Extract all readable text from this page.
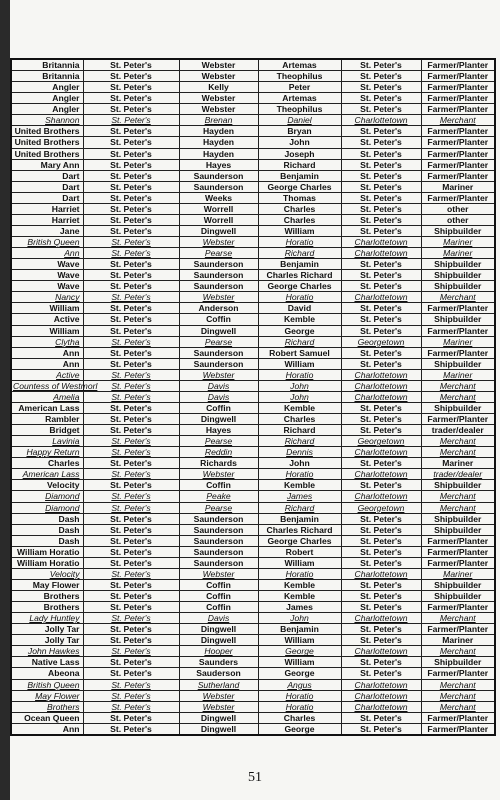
Britannia	St. Peter's	Webster	Artemas	St. Peter's	Farmer/Planter
Britannia	St. Peter's	Webster	Theophilus	St. Peter's	Farmer/Planter
Angler	St. Peter's	Kelly	Peter	St. Peter's	Farmer/Planter
Angler	St. Peter's	Webster	Artemas	St. Peter's	Farmer/Planter
Angler	St. Peter's	Webster	Theophilus	St. Peter's	Farmer/Planter
Shannon	St. Peter's	Brenan	Daniel	Charlottetown	Merchant
United Brothers	St. Peter's	Hayden	Bryan	St. Peter's	Farmer/Planter
United Brothers	St. Peter's	Hayden	John	St. Peter's	Farmer/Planter
United Brothers	St. Peter's	Hayden	Joseph	St. Peter's	Farmer/Planter
Mary Ann	St. Peter's	Hayes	Richard	St. Peter's	Farmer/Planter
Dart	St. Peter's	Saunderson	Benjamin	St. Peter's	Farmer/Planter
Dart	St. Peter's	Saunderson	George Charles	St. Peter's	Mariner
Dart	St. Peter's	Weeks	Thomas	St. Peter's	Farmer/Planter
Harriet	St. Peter's	Worrell	Charles	St. Peter's	other
Harriet	St. Peter's	Worrell	Charles	St. Peter's	other
Jane	St. Peter's	Dingwell	William	St. Peter's	Shipbuilder
British Queen	St. Peter's	Webster	Horatio	Charlottetown	Mariner
Ann	St. Peter's	Pearse	Richard	Charlottetown	Mariner
Wave	St. Peter's	Saunderson	Benjamin	St. Peter's	Shipbuilder
Wave	St. Peter's	Saunderson	Charles Richard	St. Peter's	Shipbuilder
Wave	St. Peter's	Saunderson	George Charles	St. Peter's	Shipbuilder
Nancy	St. Peter's	Webster	Horatio	Charlottetown	Merchant
William	St. Peter's	Anderson	David	St. Peter's	Farmer/Planter
Active	St. Peter's	Coffin	Kemble	St. Peter's	Shipbuilder
William	St. Peter's	Dingwell	George	St. Peter's	Farmer/Planter
Clytha	St. Peter's	Pearse	Richard	Georgetown	Mariner
Ann	St. Peter's	Saunderson	Robert Samuel	St. Peter's	Farmer/Planter
Ann	St. Peter's	Saunderson	William	St. Peter's	Shipbuilder
Active	St. Peter's	Webster	Horatio	Charlottetown	Mariner
Countess of Westmorl	St. Peter's	Davis	John	Charlottetown	Merchant
Amelia	St. Peter's	Davis	John	Charlottetown	Merchant
American Lass	St. Peter's	Coffin	Kemble	St. Peter's	Shipbuilder
Rambler	St. Peter's	Dingwell	Charles	St. Peter's	Farmer/Planter
Bridget	St. Peter's	Hayes	Richard	St. Peter's	trader/dealer
Lavinia	St. Peter's	Pearse	Richard	Georgetown	Merchant
Happy Return	St. Peter's	Reddin	Dennis	Charlottetown	Merchant
Charles	St. Peter's	Richards	John	St. Peter's	Mariner
American Lass	St. Peter's	Webster	Horatio	Charlottetown	trader/dealer
Velocity	St. Peter's	Coffin	Kemble	St. Peter's	Shipbuilder
Diamond	St. Peter's	Peake	James	Charlottetown	Merchant
Diamond	St. Peter's	Pearse	Richard	Georgetown	Merchant
Dash	St. Peter's	Saunderson	Benjamin	St. Peter's	Shipbuilder
Dash	St. Peter's	Saunderson	Charles Richard	St. Peter's	Shipbuilder
Dash	St. Peter's	Saunderson	George Charles	St. Peter's	Farmer/Planter
William Horatio	St. Peter's	Saunderson	Robert	St. Peter's	Farmer/Planter
William Horatio	St. Peter's	Saunderson	William	St. Peter's	Farmer/Planter
Velocity	St. Peter's	Webster	Horatio	Charlottetown	Mariner
May Flower	St. Peter's	Coffin	Kemble	St. Peter's	Shipbuilder
Brothers	St. Peter's	Coffin	Kemble	St. Peter's	Shipbuilder
Brothers	St. Peter's	Coffin	James	St. Peter's	Farmer/Planter
Lady Huntley	St. Peter's	Davis	John	Charlottetown	Merchant
Jolly Tar	St. Peter's	Dingwell	Benjamin	St. Peter's	Farmer/Planter
Jolly Tar	St. Peter's	Dingwell	William	St. Peter's	Mariner
John Hawkes	St. Peter's	Hooper	George	Charlottetown	Merchant
Native Lass	St. Peter's	Saunders	William	St. Peter's	Shipbuilder
Abeona	St. Peter's	Sauderson	George	St. Peter's	Farmer/Planter
British Queen	St. Peter's	Sutherland	Angus	Charlottetown	Merchant
May Flower	St. Peter's	Webster	Horatio	Charlottetown	Merchant
Brothers	St. Peter's	Webster	Horatio	Charlottetown	Merchant
Ocean Queen	St. Peter's	Dingwell	Charles	St. Peter's	Farmer/Planter
Ann	St. Peter's	Dingwell	George	St. Peter's	Farmer/Planter
51
